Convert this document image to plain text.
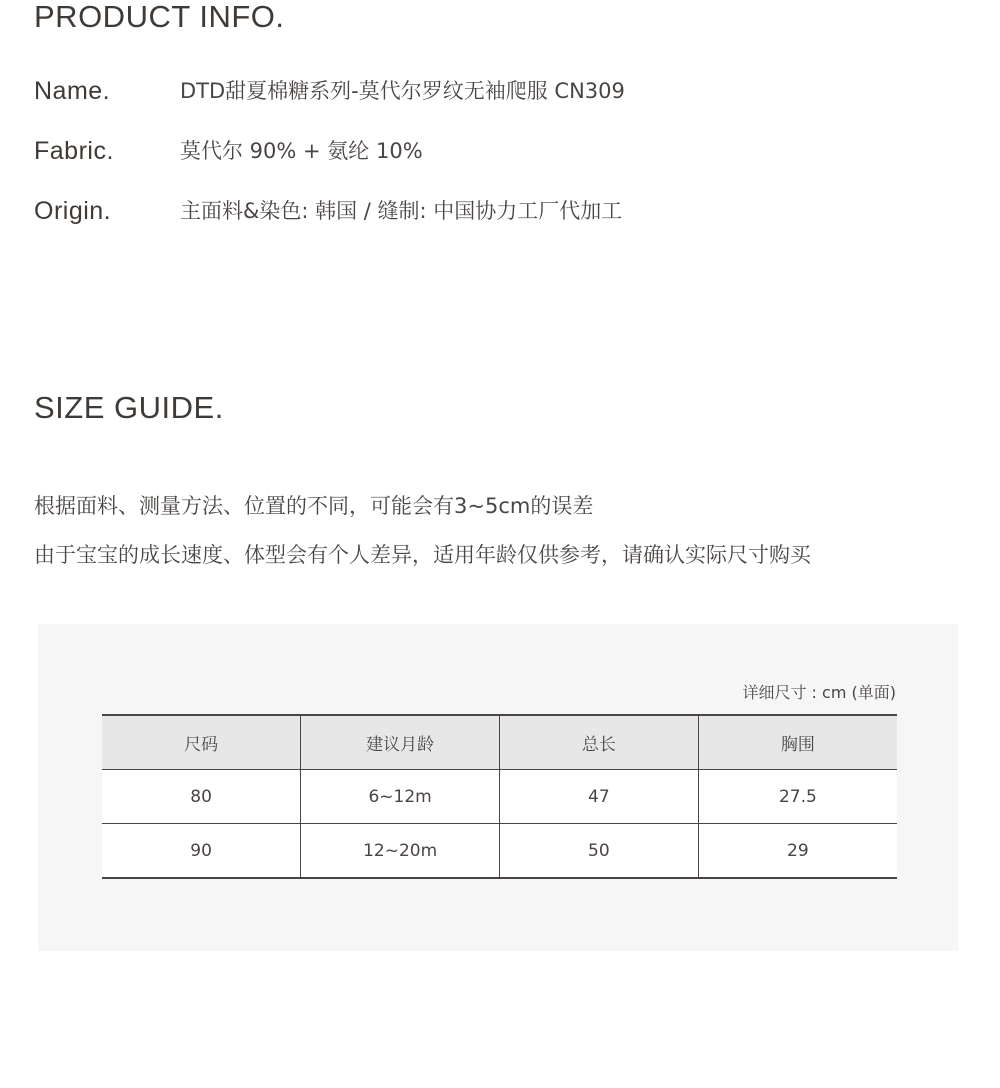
PRODUCT INFO.
Name.	DTD甜夏棉糖系列-莫代尔罗纹无袖爬服 CN309
Fabric.	莫代尔 90% + 氨纶 10%
Origin.	主面料&染色: 韩国 / 缝制: 中国协力工厂代加工
SIZE GUIDE.

根据面料、测量方法、位置的不同，可能会有3~5cm的误差

由于宝宝的成长速度、体型会有个人差异，适用年龄仅供参考，请确认实际尺寸购买

详细尺寸 : cm (单面)
尺码	建议月龄	总长	胸围
80	6~12m	47	27.5
90	12~20m	50	29
